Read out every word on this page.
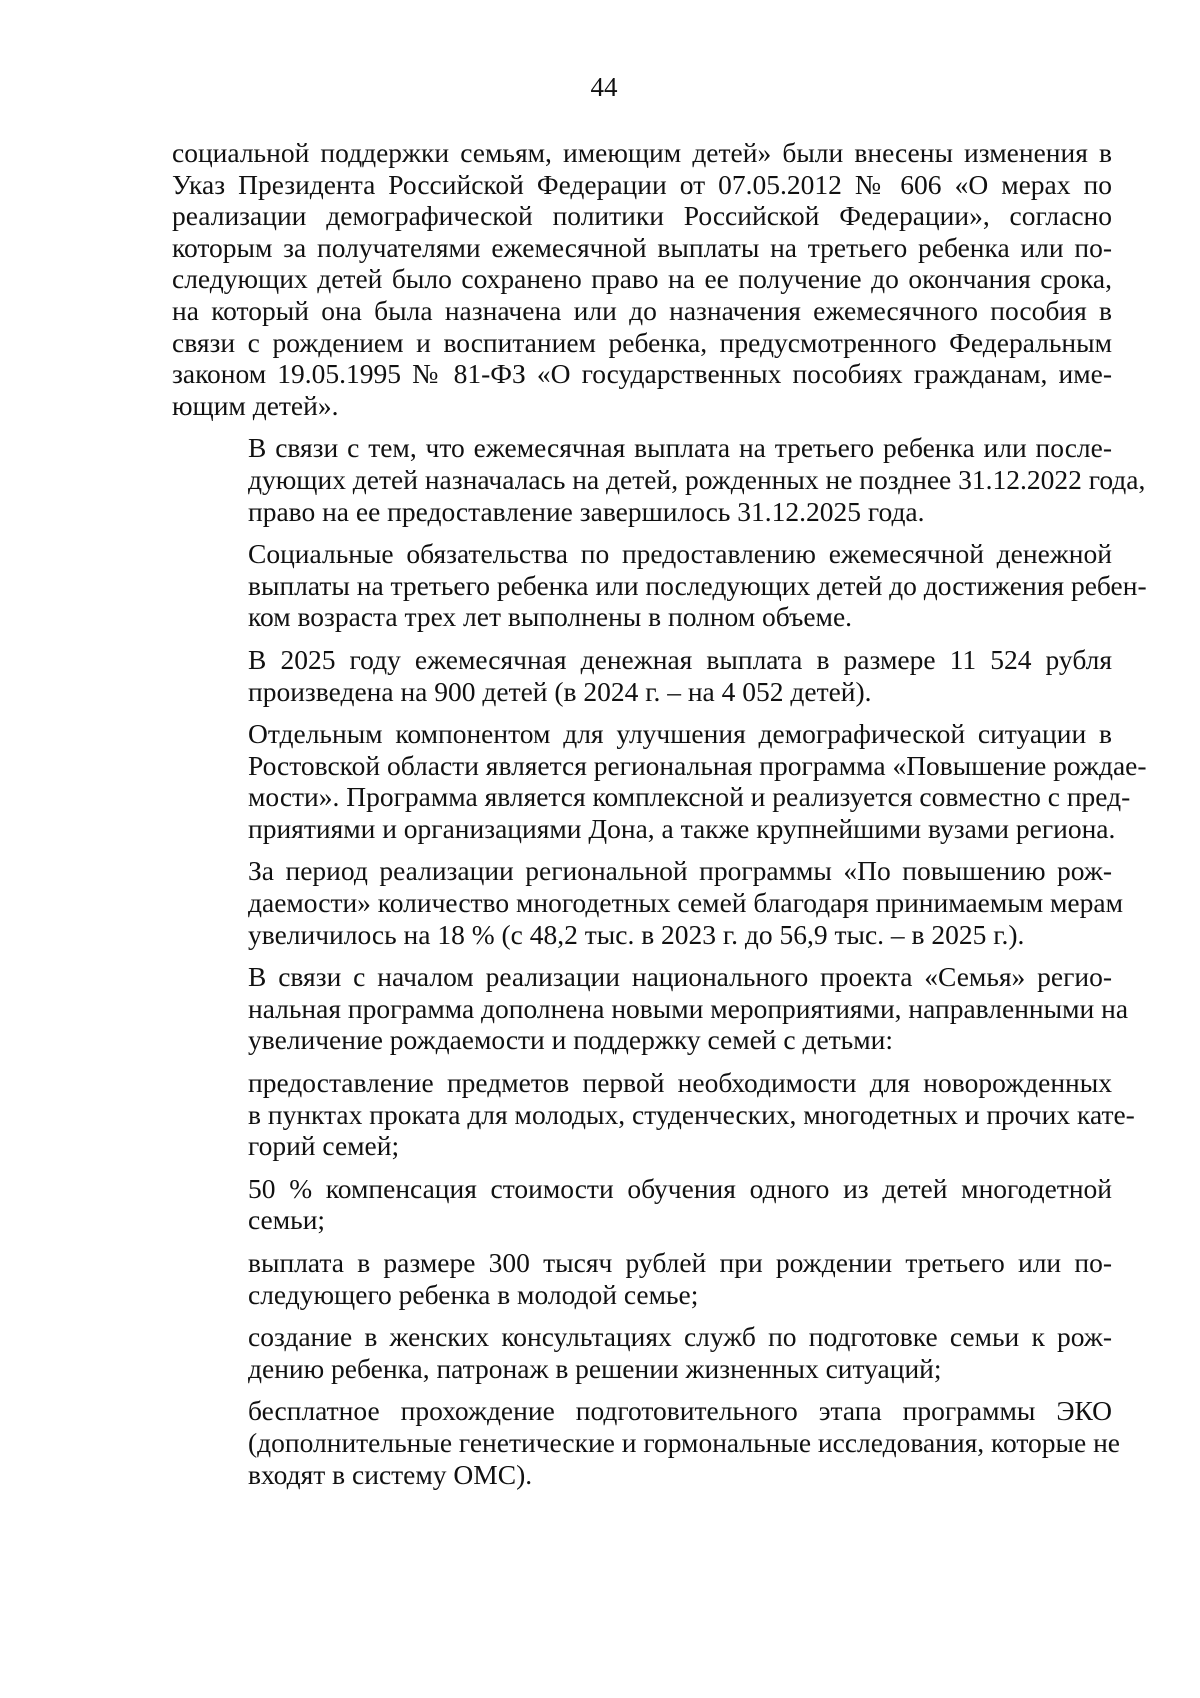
44
социальной поддержки семьям, имеющим детей» были внесены изменения в
Указ Президента Российской Федерации от 07.05.2012 № 606 «О мерах по
реализации демографической политики Российской Федерации», согласно
которым за получателями ежемесячной выплаты на третьего ребенка или по-
следующих детей было сохранено право на ее получение до окончания срока,
на который она была назначена или до назначения ежемесячного пособия в
связи с рождением и воспитанием ребенка, предусмотренного Федеральным
законом 19.05.1995 № 81-ФЗ «О государственных пособиях гражданам, име-
ющим детей».
В связи с тем, что ежемесячная выплата на третьего ребенка или после-
дующих детей назначалась на детей, рожденных не позднее 31.12.2022 года,
право на ее предоставление завершилось 31.12.2025 года.
Социальные обязательства по предоставлению ежемесячной денежной
выплаты на третьего ребенка или последующих детей до достижения ребен-
ком возраста трех лет выполнены в полном объеме.
В 2025 году ежемесячная денежная выплата в размере 11 524 рубля
произведена на 900 детей (в 2024 г. – на 4 052 детей).
Отдельным компонентом для улучшения демографической ситуации в
Ростовской области является региональная программа «Повышение рождае-
мости». Программа является комплексной и реализуется совместно с пред-
приятиями и организациями Дона, а также крупнейшими вузами региона.
За период реализации региональной программы «По повышению рож-
даемости» количество многодетных семей благодаря принимаемым мерам
увеличилось на 18 % (с 48,2 тыс. в 2023 г. до 56,9 тыс. – в 2025 г.).
В связи с началом реализации национального проекта «Семья» регио-
нальная программа дополнена новыми мероприятиями, направленными на
увеличение рождаемости и поддержку семей с детьми:
предоставление предметов первой необходимости для новорожденных
в пунктах проката для молодых, студенческих, многодетных и прочих кате-
горий семей;
50 % компенсация стоимости обучения одного из детей многодетной
семьи;
выплата в размере 300 тысяч рублей при рождении третьего или по-
следующего ребенка в молодой семье;
создание в женских консультациях служб по подготовке семьи к рож-
дению ребенка, патронаж в решении жизненных ситуаций;
бесплатное прохождение подготовительного этапа программы ЭКО
(дополнительные генетические и гормональные исследования, которые не
входят в систему ОМС).
